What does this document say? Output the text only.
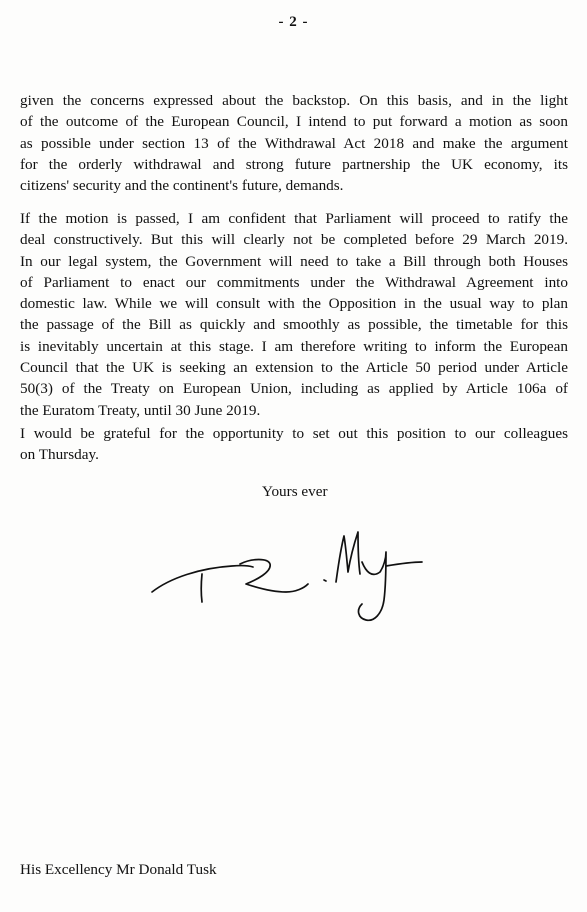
- 2 -

given the concerns expressed about the backstop. On this basis, and in the light
of the outcome of the European Council, I intend to put forward a motion as soon
as possible under section 13 of the Withdrawal Act 2018 and make the argument
for the orderly withdrawal and strong future partnership the UK economy, its
citizens' security and the continent's future, demands.

If the motion is passed, I am confident that Parliament will proceed to ratify the
deal constructively. But this will clearly not be completed before 29 March 2019.
In our legal system, the Government will need to take a Bill through both Houses
of Parliament to enact our commitments under the Withdrawal Agreement into
domestic law. While we will consult with the Opposition in the usual way to plan
the passage of the Bill as quickly and smoothly as possible, the timetable for this
is inevitably uncertain at this stage. I am therefore writing to inform the European
Council that the UK is seeking an extension to the Article 50 period under Article
50(3) of the Treaty on European Union, including as applied by Article 106a of
the Euratom Treaty, until 30 June 2019.

I would be grateful for the opportunity to set out this position to our colleagues
on Thursday.

Yours ever
His Excellency Mr Donald Tusk
